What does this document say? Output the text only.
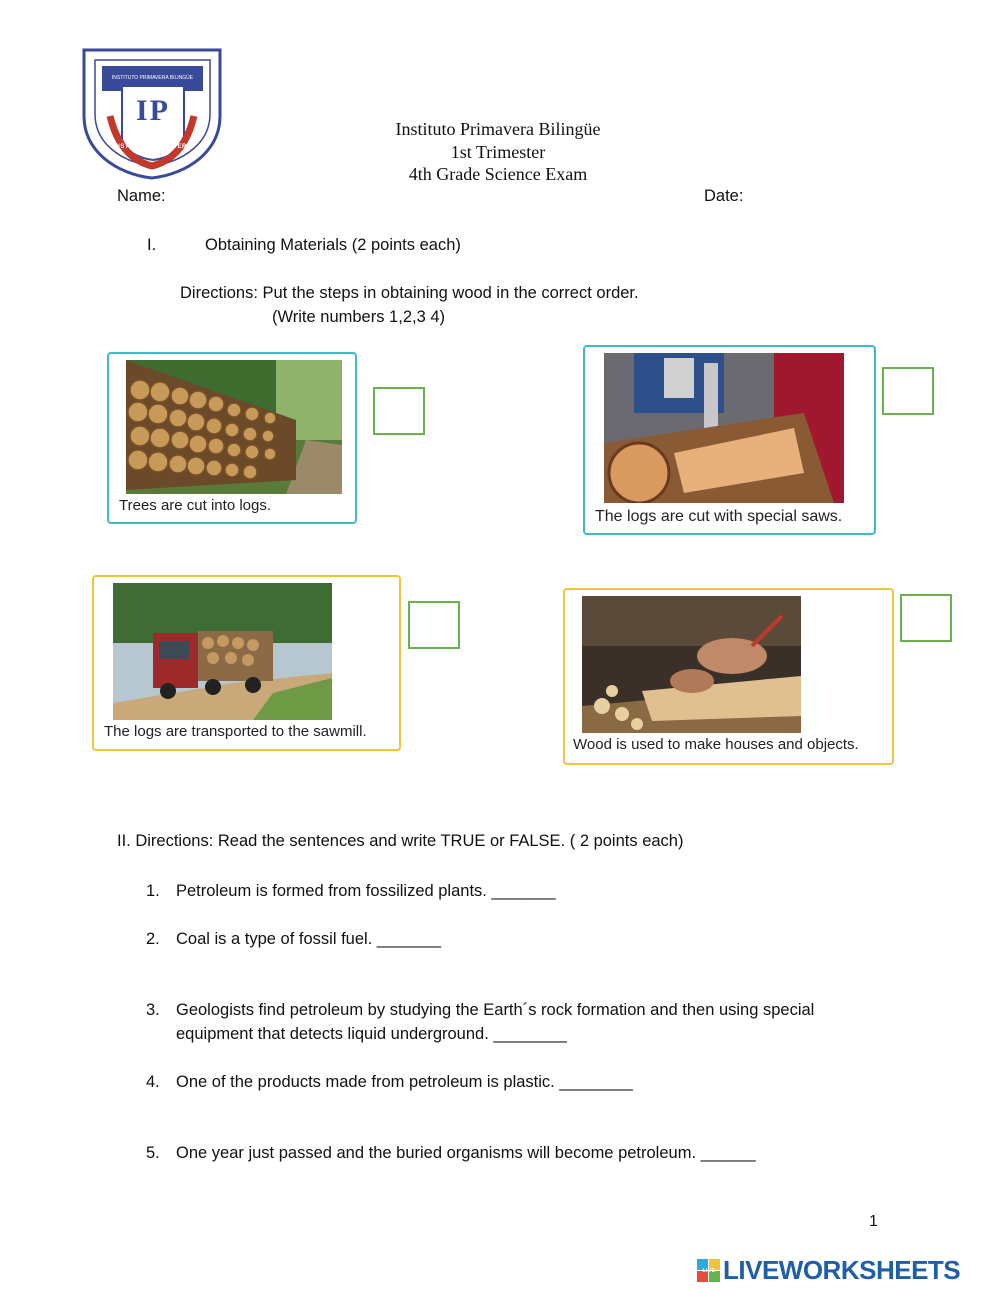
INSTITUTO PRIMAVERA BILINGÜE
IP
INSTITUTO PRIMAVERA
Instituto Primavera Bilingüe
1st Trimester
4th Grade Science Exam
Name:	Date:
I.	Obtaining Materials (2 points each)
Directions: Put the steps in obtaining wood in the correct order.
(Write numbers 1,2,3 4)
Trees are cut into logs.
The logs are cut with special saws.
The logs are transported to the sawmill.
Wood is used to make houses and objects.
II. Directions: Read the sentences and write TRUE or FALSE. ( 2 points each)
1. Petroleum is formed from fossilized plants. _______
2. Coal is a type of fossil fuel. _______
3. Geologists find petroleum by studying the Earth´s rock formation and then using special
equipment that detects liquid underground. ________
4. One of the products made from petroleum is plastic. ________
5. One year just passed and the buried organisms will become petroleum. ______
1
LIVE LIVEWORKSHEETS
